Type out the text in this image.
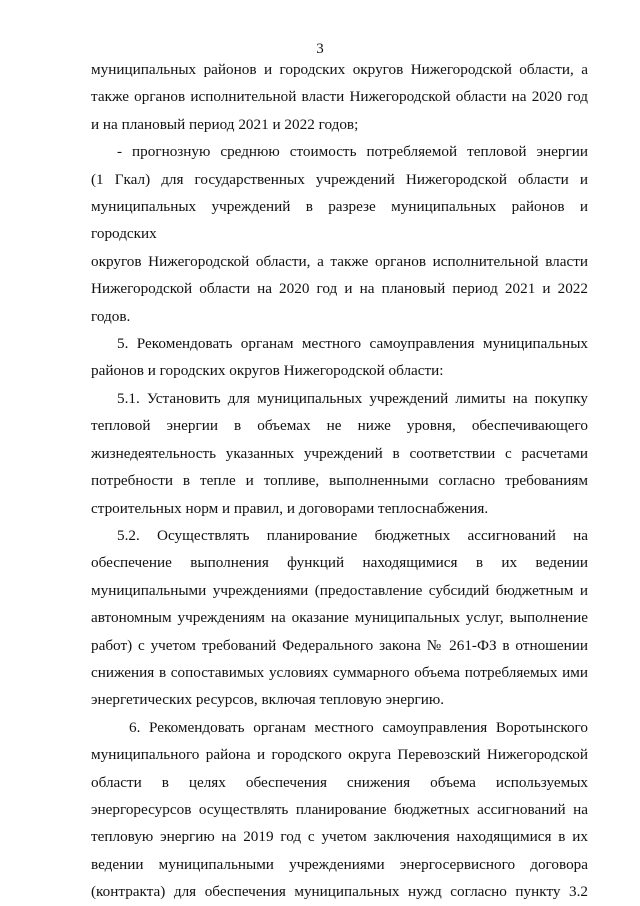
3

муниципальных районов и городских округов Нижегородской области, а

также органов исполнительной власти Нижегородской области на 2020 год

и на плановый период 2021 и 2022 годов;

- прогнозную среднюю стоимость потребляемой тепловой энергии

(1 Гкал) для государственных учреждений Нижегородской области и

муниципальных учреждений в разрезе муниципальных районов и городских

округов Нижегородской области, а также органов исполнительной власти

Нижегородской области на 2020 год и на плановый период 2021 и 2022

годов.

5. Рекомендовать органам местного самоуправления муниципальных

районов и городских округов Нижегородской области:

5.1. Установить для муниципальных учреждений лимиты на покупку

тепловой энергии в объемах не ниже уровня, обеспечивающего

жизнедеятельность указанных учреждений в соответствии с расчетами

потребности в тепле и топливе, выполненными согласно требованиям

строительных норм и правил, и договорами теплоснабжения.

5.2. Осуществлять планирование бюджетных ассигнований на

обеспечение выполнения функций находящимися в их ведении

муниципальными учреждениями (предоставление субсидий бюджетным и

автономным учреждениям на оказание муниципальных услуг, выполнение

работ) с учетом требований Федерального закона № 261-ФЗ в отношении

снижения в сопоставимых условиях суммарного объема потребляемых ими

энергетических ресурсов, включая тепловую энергию.

6. Рекомендовать органам местного самоуправления Воротынского

муниципального района и городского округа Перевозский Нижегородской

области в целях обеспечения снижения объема используемых

энергоресурсов осуществлять планирование бюджетных ассигнований на

тепловую энергию на 2019 год с учетом заключения находящимися в их

ведении муниципальными учреждениями энергосервисного договора

(контракта) для обеспечения муниципальных нужд согласно пункту 3.2
